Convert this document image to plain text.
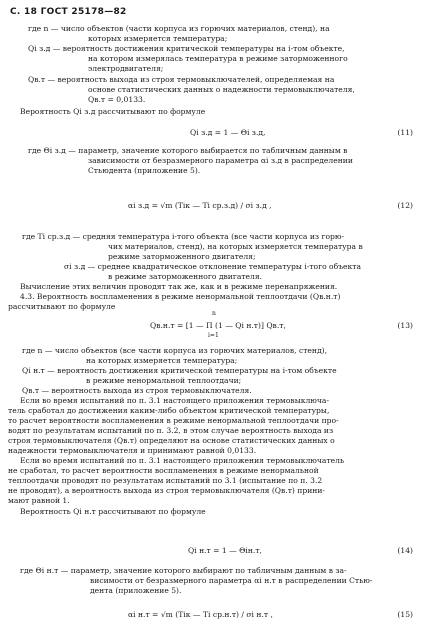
С. 18 ГОСТ 25178—82
где n — число объектов (части корпуса из горючих материалов, стенд), на
которых измеряется температура;
Qi з.д — вероятность достижения критической температуры на i-том объекте,
на котором измерялась температура в режиме заторможенного
электродвигателя;
Qв.т — вероятность выхода из строя термовыключателей, определяемая на
основе статистических данных о надежности термовыключателя,
Qв.т = 0,0133.
Вероятность Qi з.д рассчитывают по формуле
Qi з.д = 1 — Θi з.д,	(11)
где Θi з.д — параметр, значение которого выбирается по табличным данным в
зависимости от безразмерного параметра αi з.д в распределении
Стьюдента (приложение 5).
αi з.д = √m (Tiк — Ti ср.з.д) / σi з.д ,	(12)
где Ti ср.з.д — средняя температура i-того объекта (все части корпуса из горю-
чих материалов, стенд), на которых измеряется температура в
режиме заторможенного двигателя;
σi з.д — среднее квадратическое отклонение температуры i-того объекта
в режиме заторможенного двигателя.
Вычисление этих величин проводят так же, как и в режиме перенапряжения.
4.3. Вероятность воспламенения в режиме ненормальной теплоотдачи (Qв.н.т)
рассчитывают по формуле
n
Qв.н.т = [1 — Π (1 — Qi н.т)] Qв.т,
i=1
(13)
где n — число объектов (все части корпуса из горючих материалов, стенд),
на которых измеряется температура;
Qi н.т — вероятность достижения критической температуры на i-том объекте
в режиме ненормальной теплоотдачи;
Qв.т — вероятность выхода из строя термовыключателя.
Если во время испытаний по п. 3.1 настоящего приложения термовыключа-
тель сработал до достижения каким-либо объектом критической температуры,
то расчет вероятности воспламенения в режиме ненормальной теплоотдачи про-
водят по результатам испытаний по п. 3.2, в этом случае вероятность выхода из
строя термовыключателя (Qв.т) определяют на основе статистических данных о
надежности термовыключателя и принимают равной 0,0133.
Если во время испытаний по п. 3.1 настоящего приложения термовыключатель
не сработал, то расчет вероятности воспламенения в режиме ненормальной
теплоотдачи проводят по результатам испытаний по 3.1 (испытание по п. 3.2
не проводят), а вероятность выхода из строя термовыключателя (Qв.т) прини-
мают равной 1.
Вероятность Qi н.т рассчитывают по формуле
Qi н.т = 1 — Θiн.т,	(14)
где Θi н.т — параметр, значение которого выбирают по табличным данным в за-
висимости от безразмерного параметра αi н.т в распределении Стью-
дента (приложение 5).
αi н.т = √m (Tiк — Ti ср.н.т) / σi н.т ,	(15)
